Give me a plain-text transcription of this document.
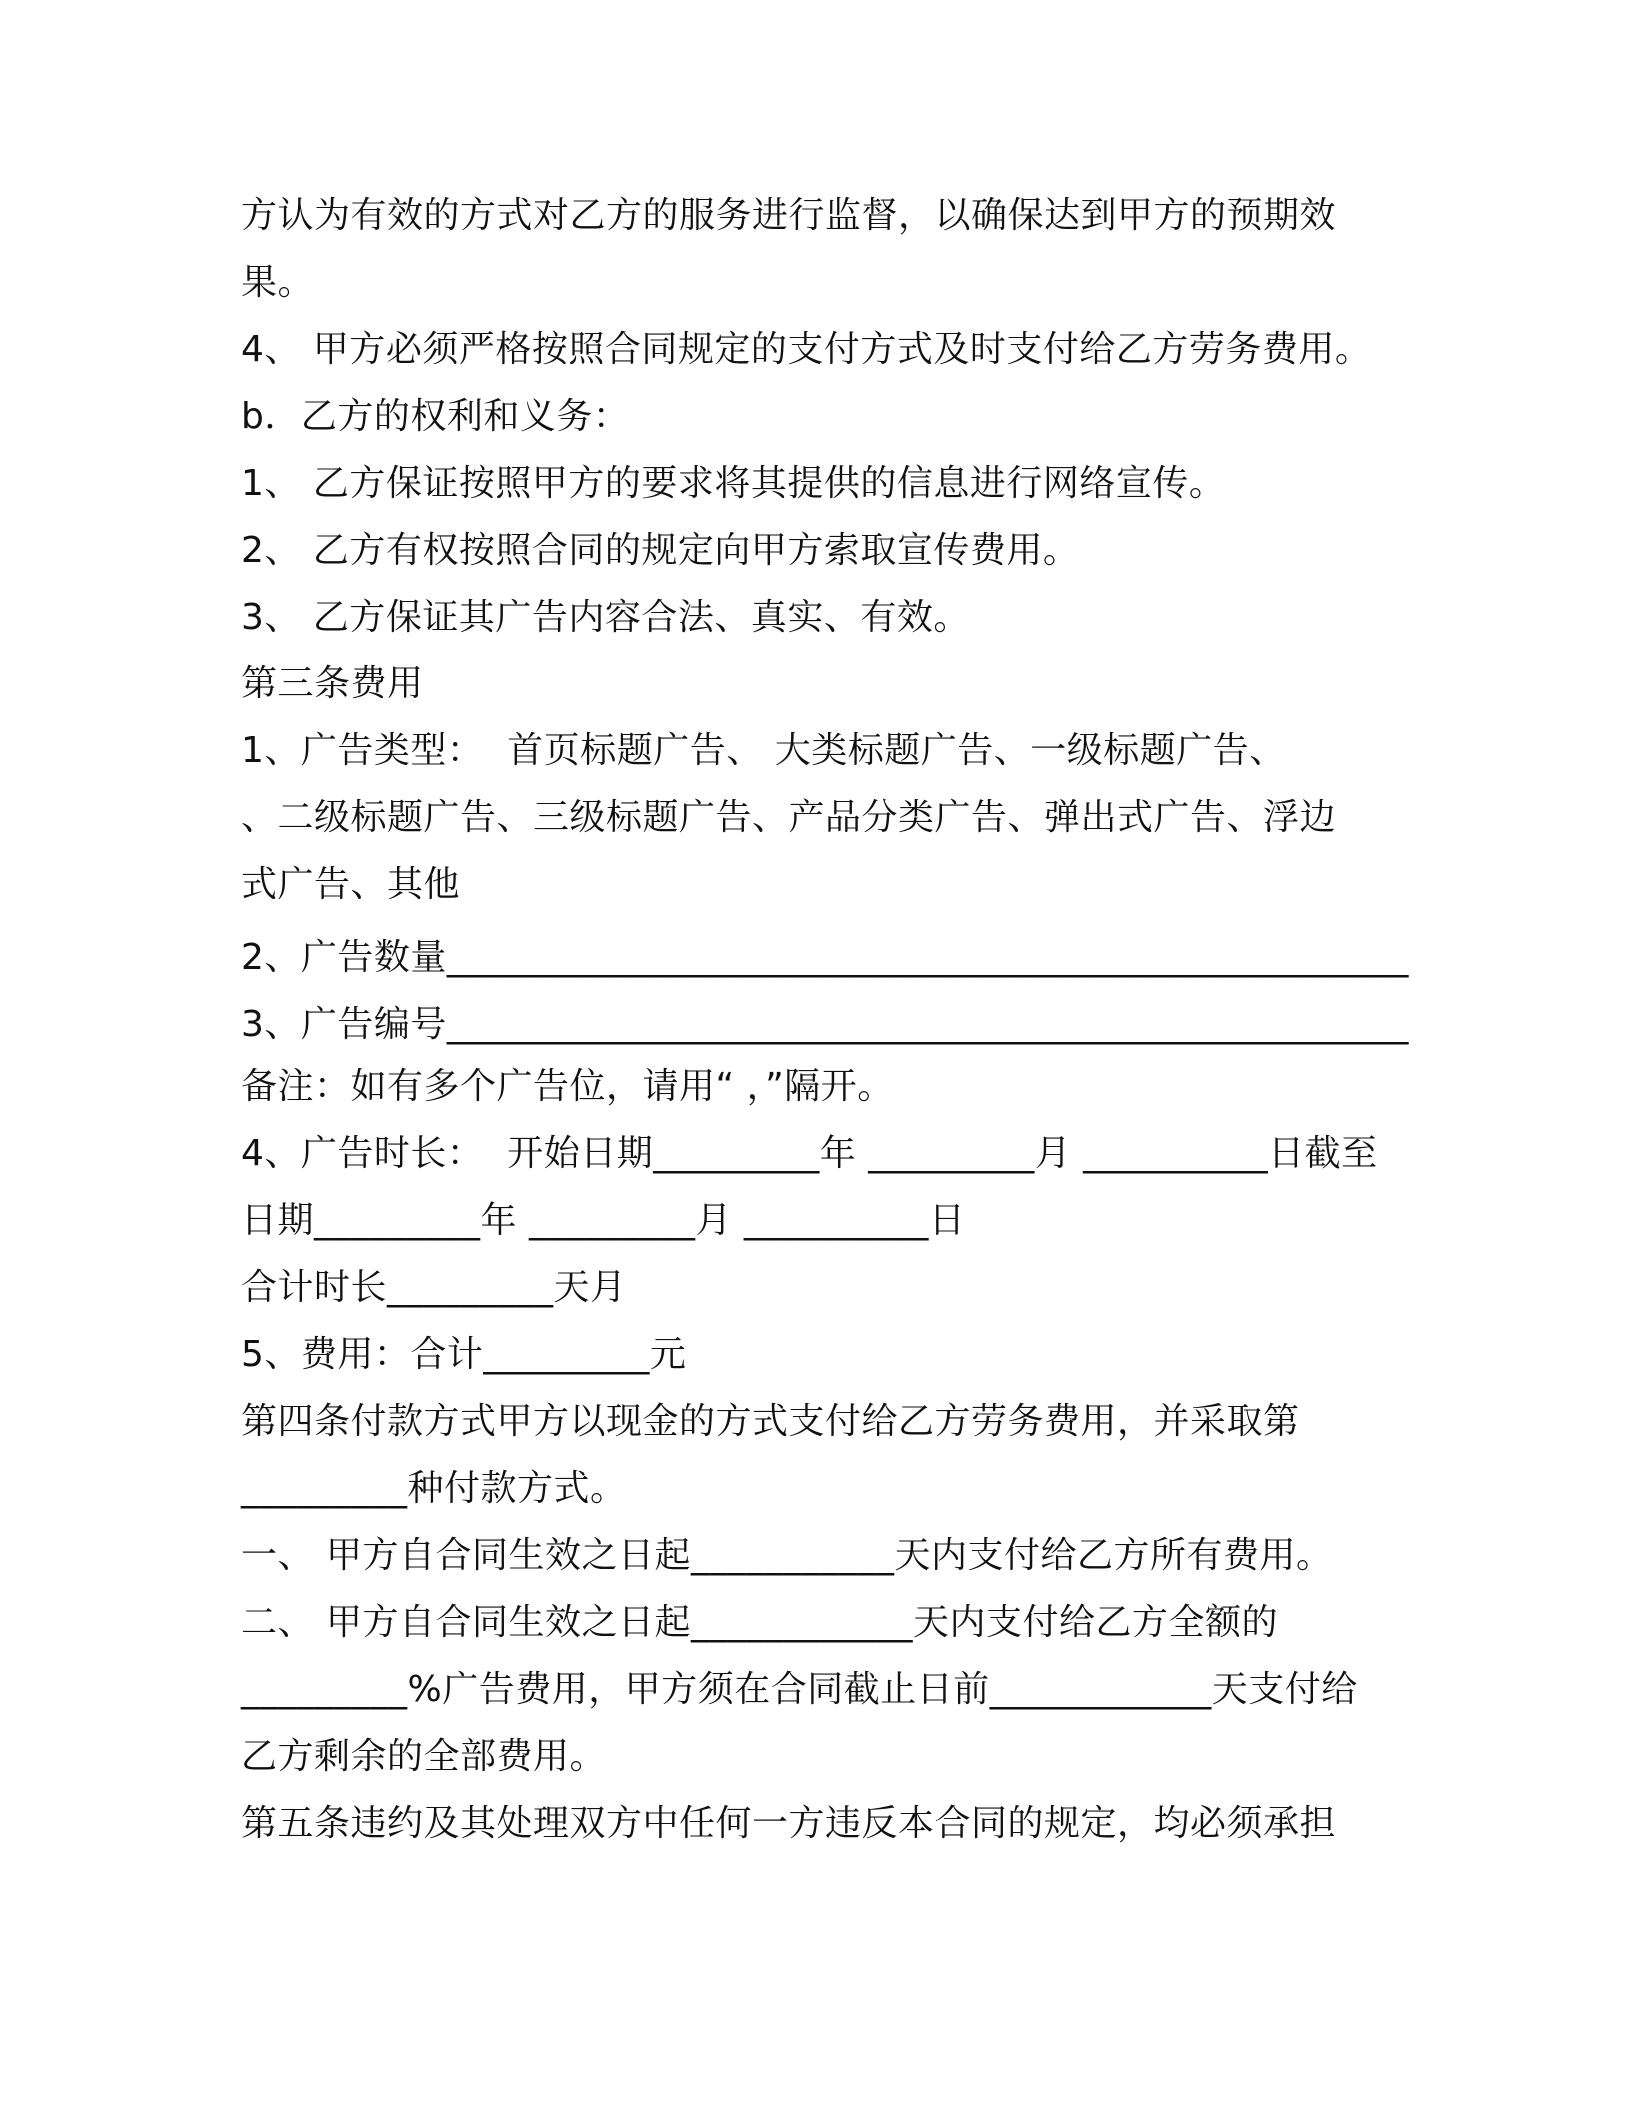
方认为有效的方式对乙方的服务进行监督，以确保达到甲方的预期效
果。
4、 甲方必须严格按照合同规定的支付方式及时支付给乙方劳务费用。
b．乙方的权利和义务：
1、 乙方保证按照甲方的要求将其提供的信息进行网络宣传。
2、 乙方有权按照合同的规定向甲方索取宣传费用。
3、 乙方保证其广告内容合法、真实、有效。
第三条费用
1、广告类型：  首页标题广告、 大类标题广告、一级标题广告、
、二级标题广告、三级标题广告、产品分类广告、弹出式广告、浮边
式广告、其他
2、广告数量____________________________________________________
3、广告编号____________________________________________________
备注：如有多个广告位，请用“ ，”隔开。
4、广告时长：  开始日期_________年 _________月 __________日截至
日期_________年 _________月 __________日
合计时长_________天月
5、费用：合计_________元
第四条付款方式甲方以现金的方式支付给乙方劳务费用，并采取第
_________种付款方式。
一、 甲方自合同生效之日起___________天内支付给乙方所有费用。
二、 甲方自合同生效之日起____________天内支付给乙方全额的
_________%广告费用，甲方须在合同截止日前____________天支付给
乙方剩余的全部费用。
第五条违约及其处理双方中任何一方违反本合同的规定，均必须承担
